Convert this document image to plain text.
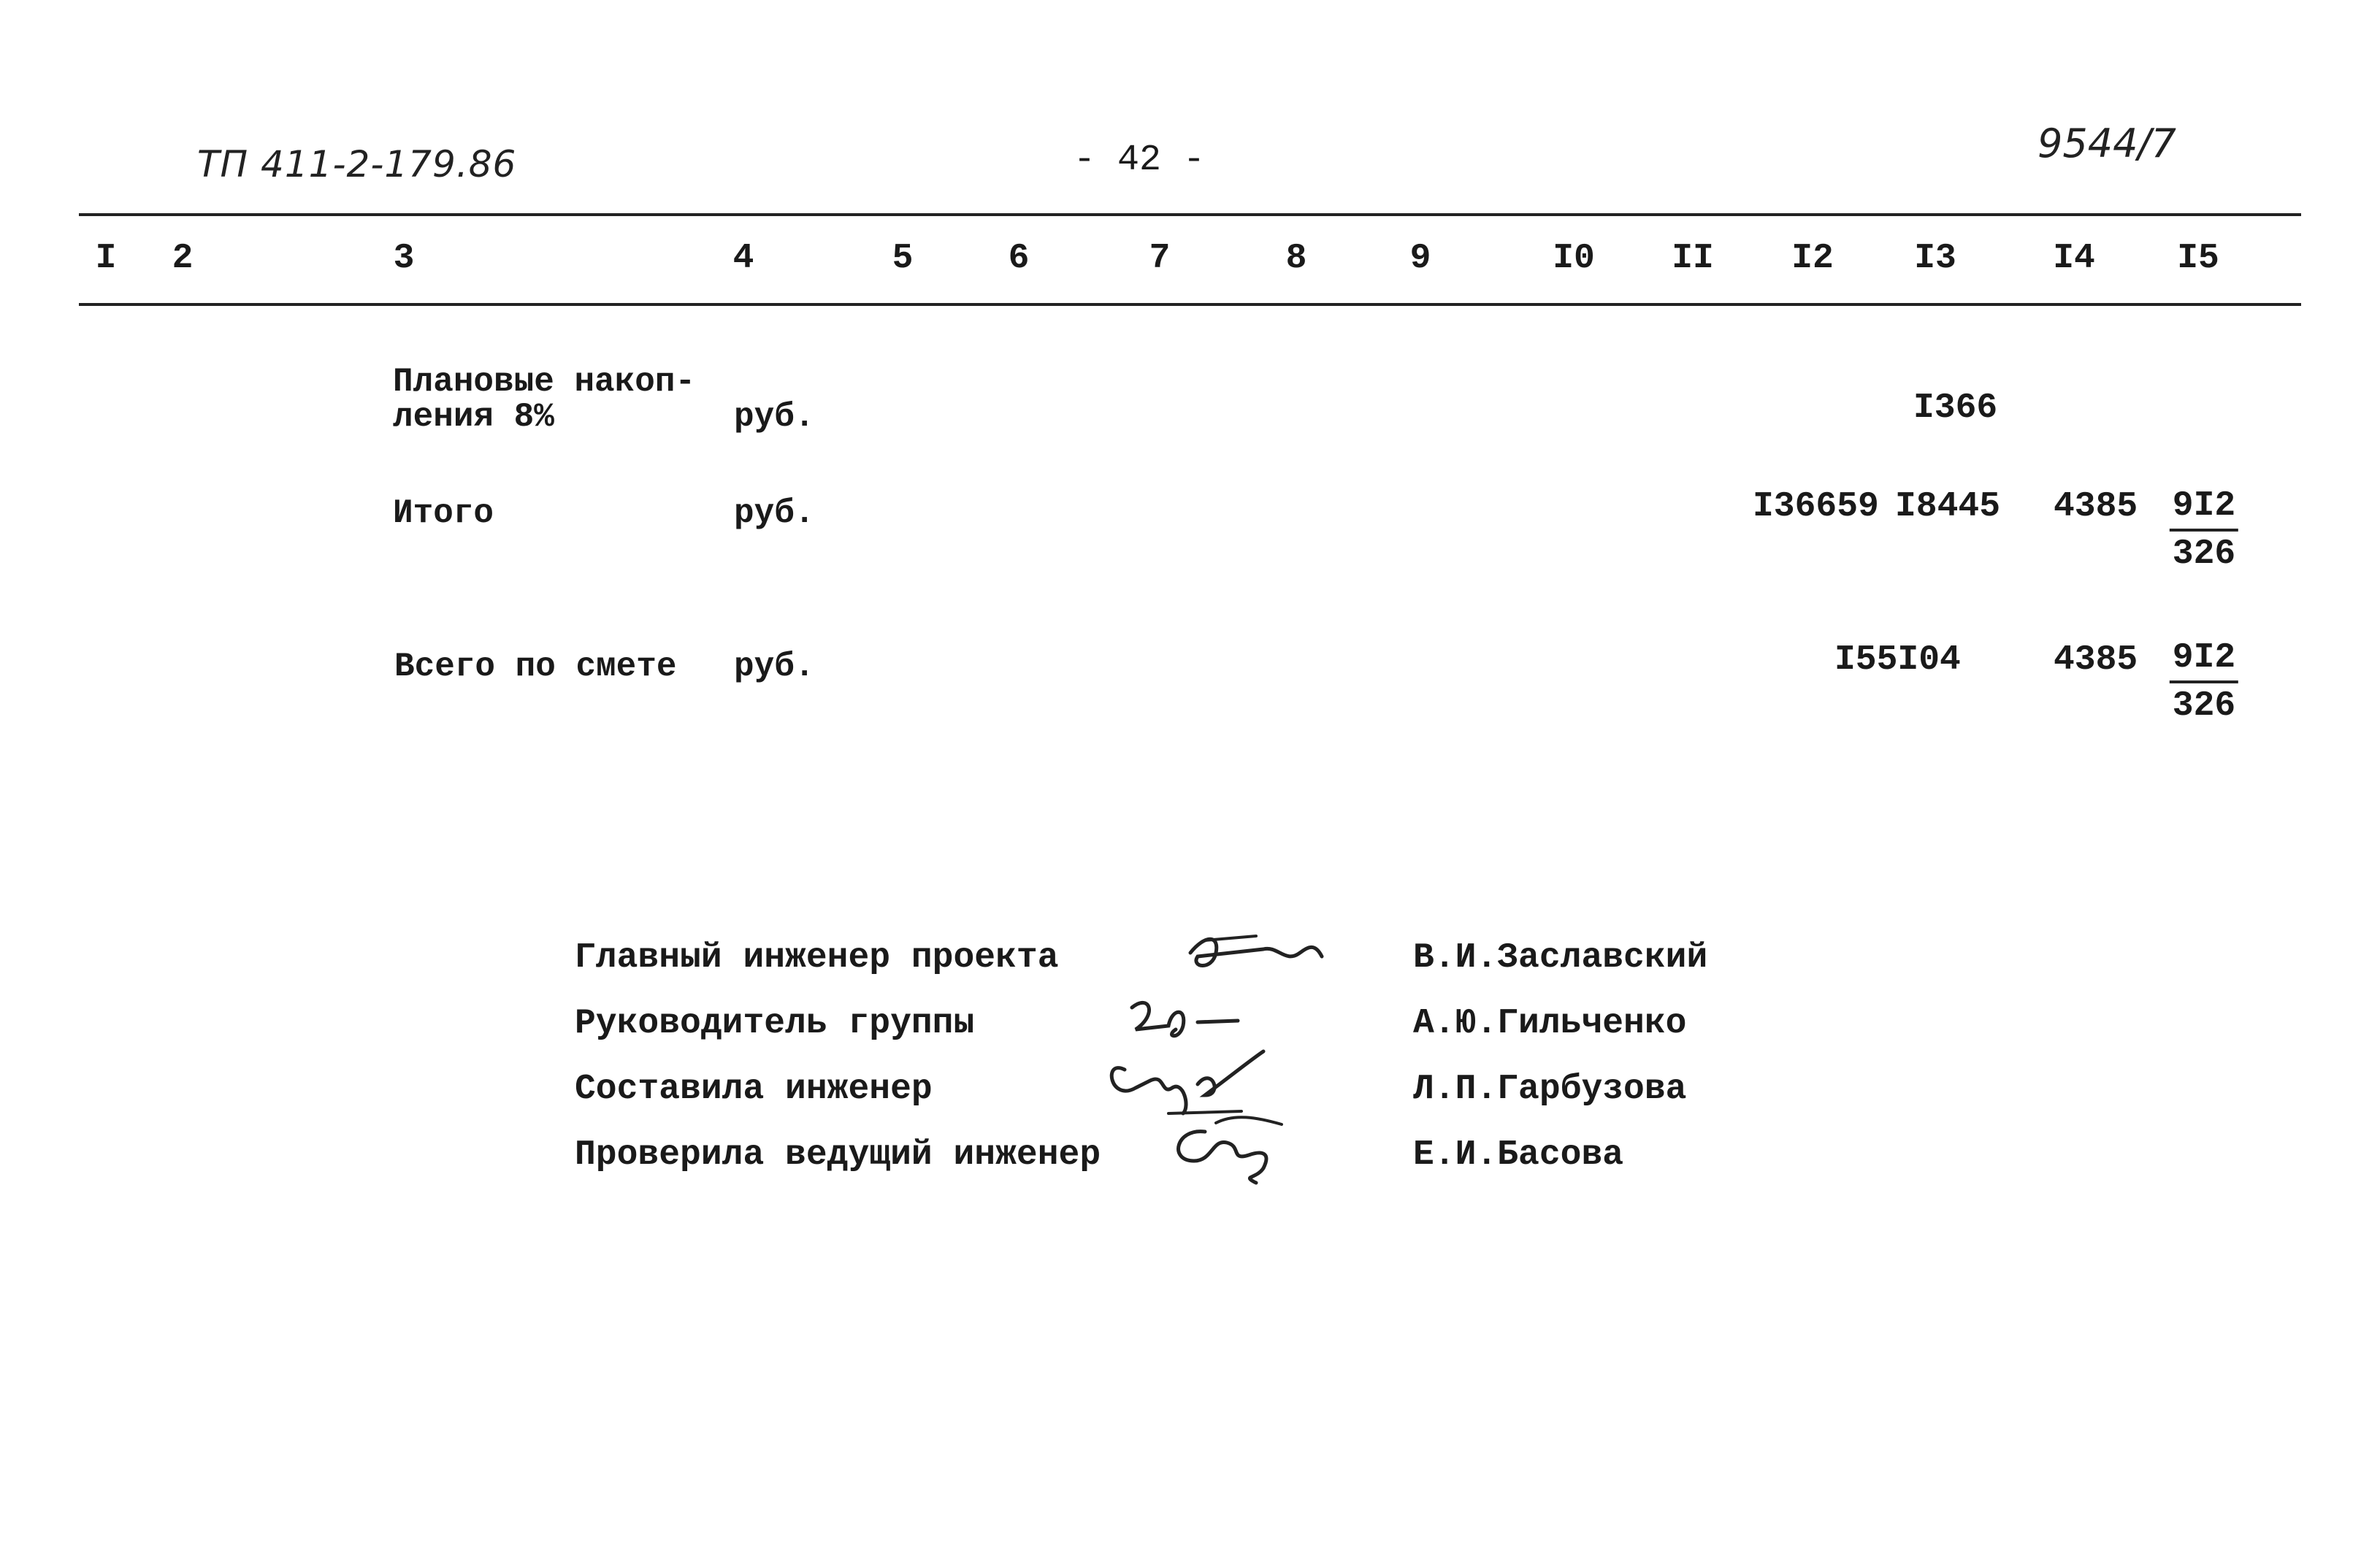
ТП 411-2-179.86	- 42 -	9544/7
I 2	3	4	5	6	7	8	9	I0 II I2 I3	I4 I5
Плановые накоп-
ления 8%	руб.	I366
Итого	руб.	I36659 I8445 $4385 \frac{9I2}{326}$
Всего по смете руб.	I55I04	$4385 \frac{9I2}{326}$
Главный инженер проекта	В.И.Заславский
Руководитель группы	А.Ю.Гильченко
Составила инженер	Л.П.Гарбузова
Проверила ведущий инженер	Е.И.Басова
